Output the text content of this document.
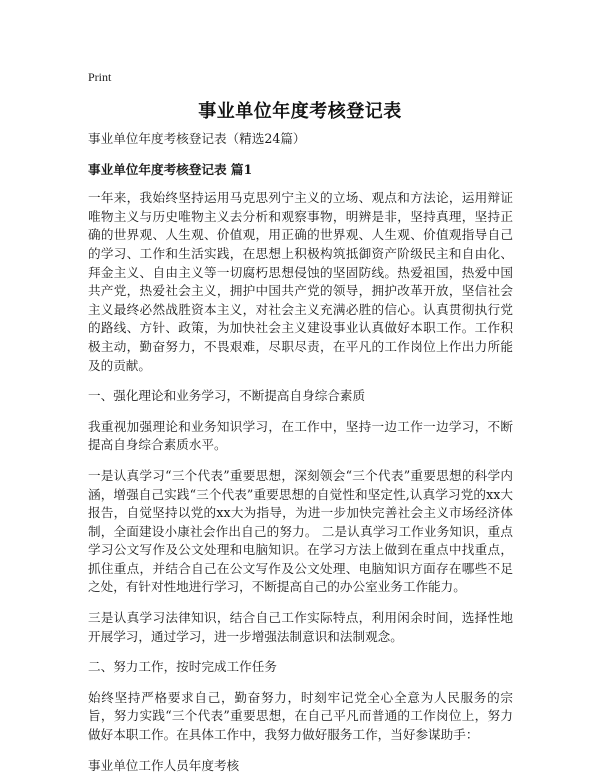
Print
事业单位年度考核登记表

事业单位年度考核登记表（精选24篇）

事业单位年度考核登记表 篇1

一年来，我始终坚持运用马克思列宁主义的立场、观点和方法论，运用辩证唯物主义与历史唯物主义去分析和观察事物，明辨是非，坚持真理，坚持正确的世界观、人生观、价值观，用正确的世界观、人生观、价值观指导自己的学习、工作和生活实践，在思想上积极构筑抵御资产阶级民主和自由化、拜金主义、自由主义等一切腐朽思想侵蚀的坚固防线。热爱祖国，热爱中国共产党，热爱社会主义，拥护中国共产党的领导，拥护改革开放，坚信社会主义最终必然战胜资本主义，对社会主义充满必胜的信心。认真贯彻执行党的路线、方针、政策，为加快社会主义建设事业认真做好本职工作。工作积极主动，勤奋努力，不畏艰难，尽职尽责，在平凡的工作岗位上作出力所能及的贡献。

一、强化理论和业务学习，不断提高自身综合素质

我重视加强理论和业务知识学习，在工作中，坚持一边工作一边学习，不断提高自身综合素质水平。

一是认真学习“三个代表”重要思想，深刻领会“三个代表”重要思想的科学内涵，增强自己实践“三个代表”重要思想的自觉性和坚定性,认真学习党的xx大报告，自觉坚持以党的xx大为指导，为进一步加快完善社会主义市场经济体制，全面建设小康社会作出自己的努力。 二是认真学习工作业务知识，重点学习公文写作及公文处理和电脑知识。在学习方法上做到在重点中找重点，抓住重点，并结合自己在公文写作及公文处理、电脑知识方面存在哪些不足之处，有针对性地进行学习，不断提高自己的办公室业务工作能力。

三是认真学习法律知识，结合自己工作实际特点，利用闲余时间，选择性地开展学习，通过学习，进一步增强法制意识和法制观念。

二、努力工作，按时完成工作任务

始终坚持严格要求自己，勤奋努力，时刻牢记党全心全意为人民服务的宗旨，努力实践“三个代表”重要思想，在自己平凡而普通的工作岗位上，努力做好本职工作。在具体工作中，我努力做好服务工作，当好参谋助手：

事业单位工作人员年度考核
